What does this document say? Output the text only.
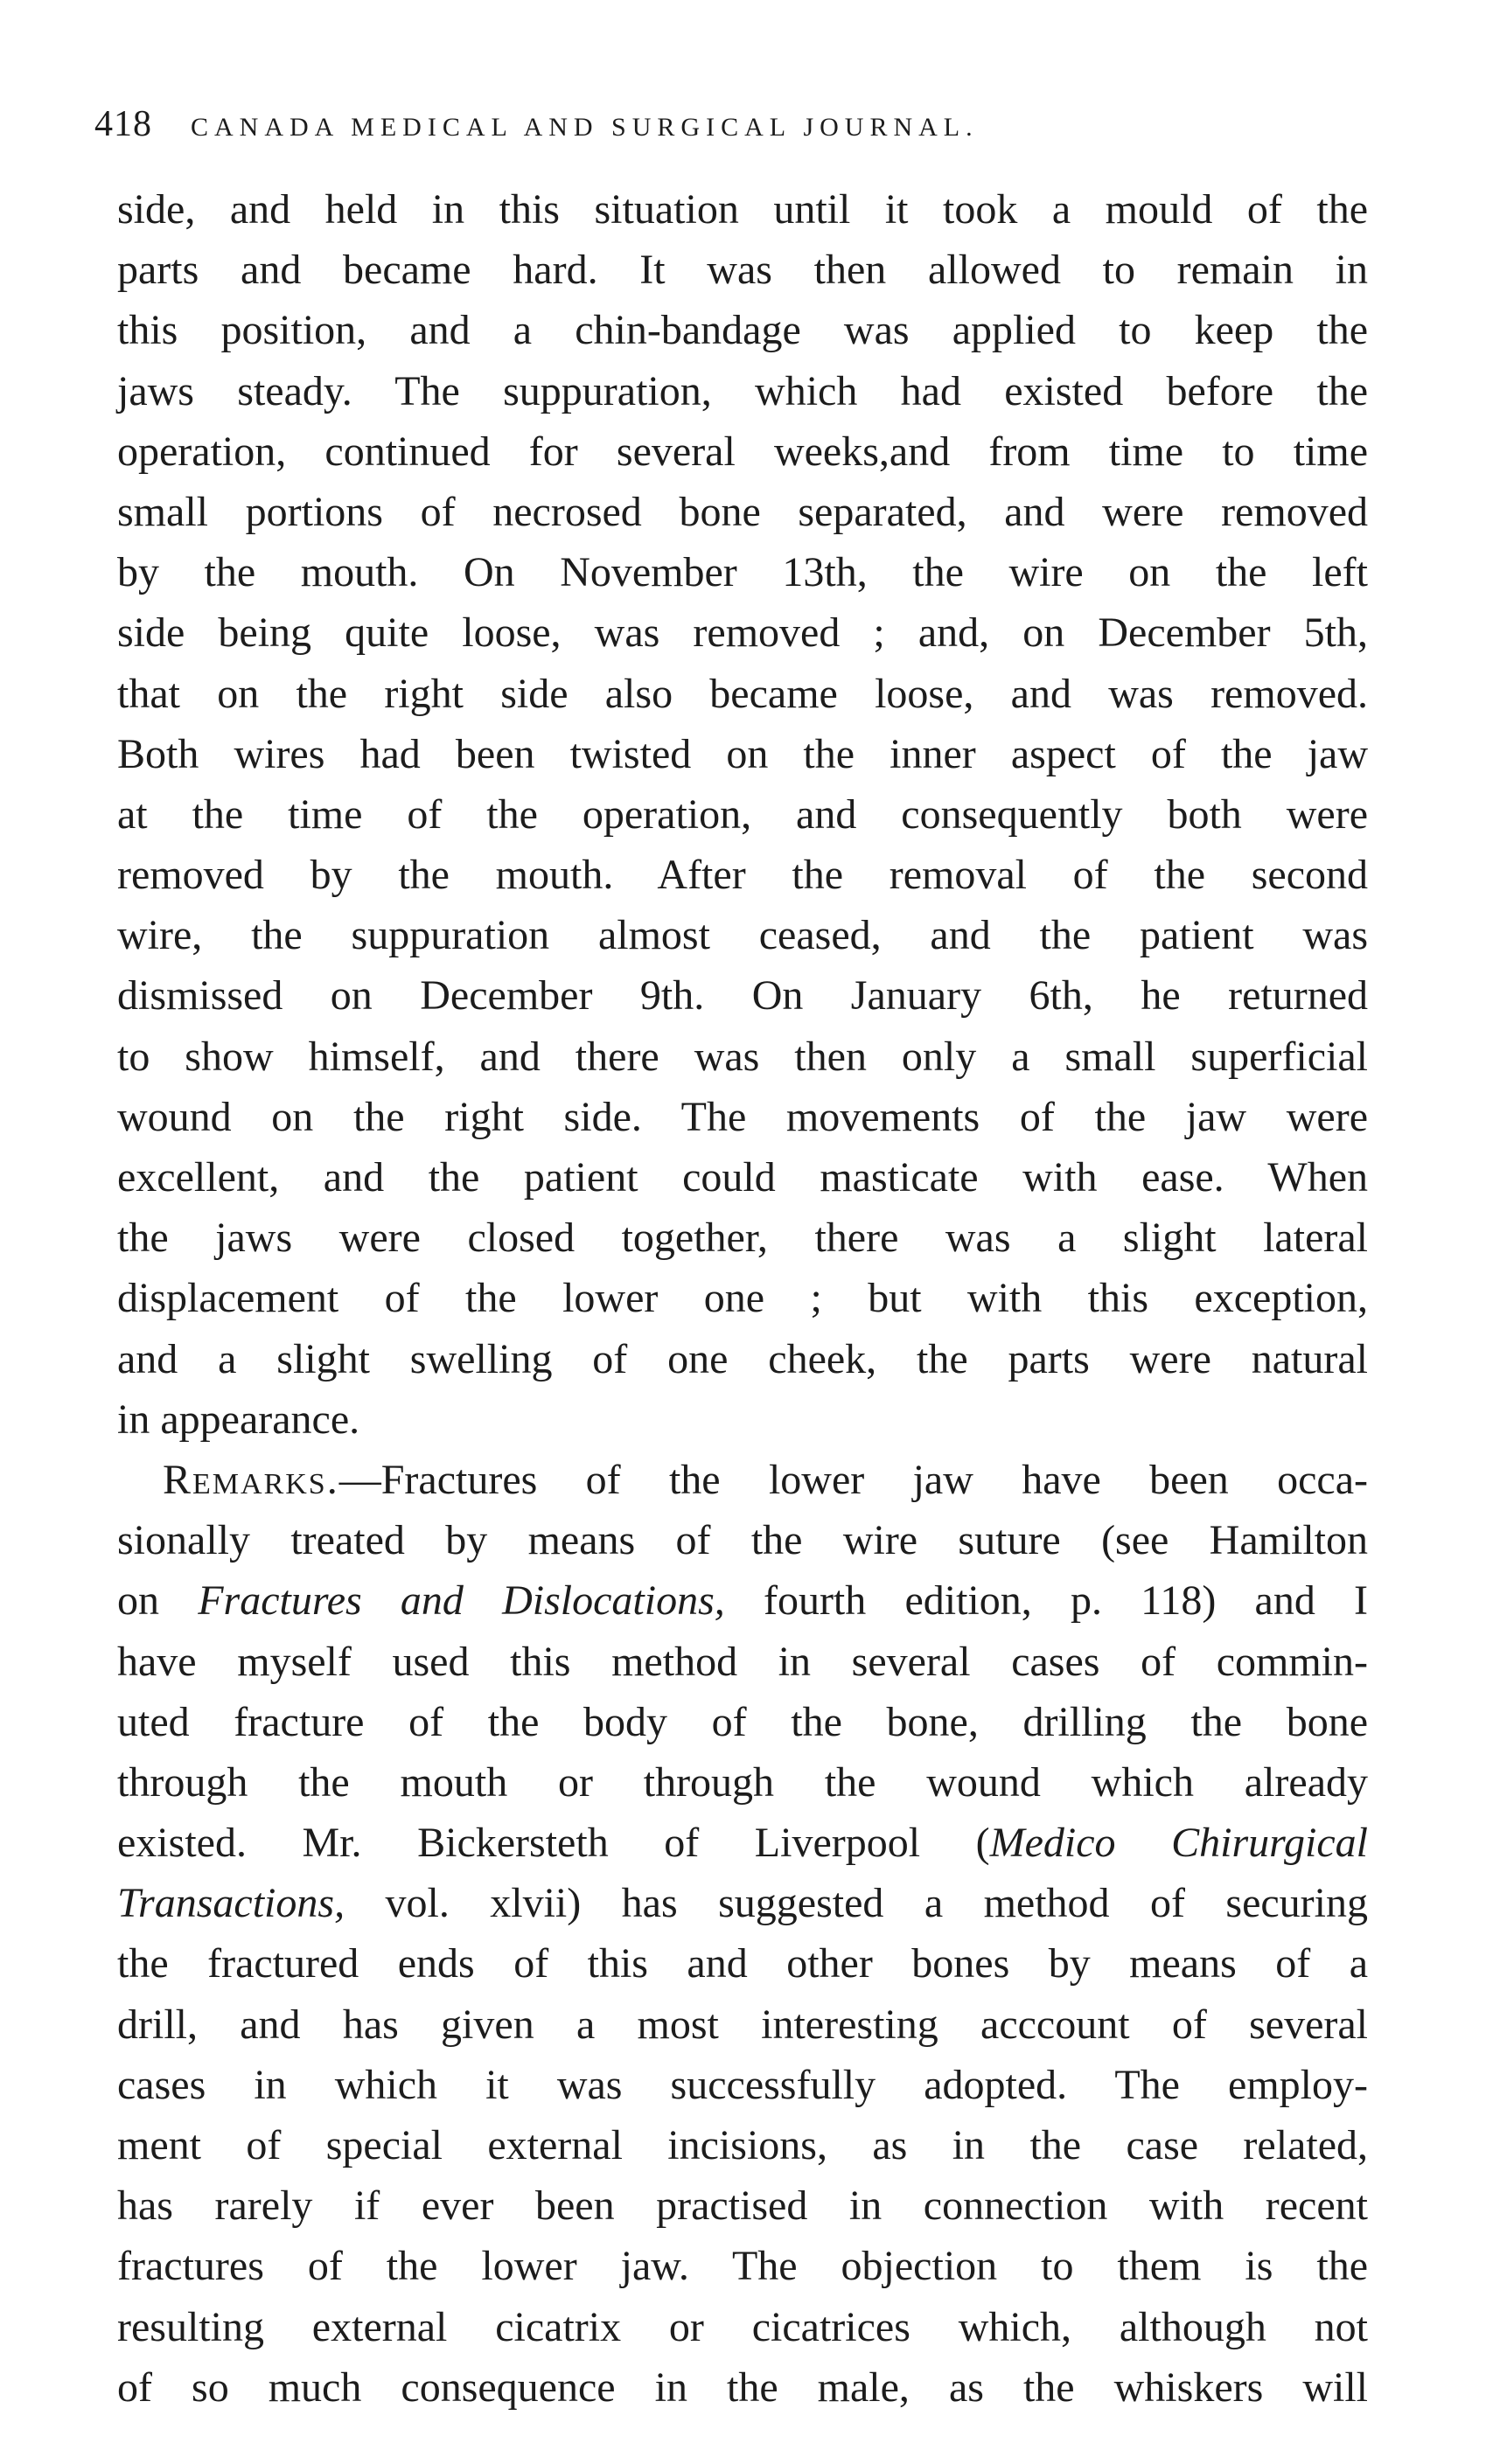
418 CANADA MEDICAL AND SURGICAL JOURNAL.
side, and held in this situation until it took a mould of the
parts and became hard. It was then allowed to remain in
this position, and a chin-bandage was applied to keep the
jaws steady. The suppuration, which had existed before the
operation, continued for several weeks,and from time to time
small portions of necrosed bone separated, and were removed
by the mouth. On November 13th, the wire on the left
side being quite loose, was removed ; and, on December 5th,
that on the right side also became loose, and was removed.
Both wires had been twisted on the inner aspect of the jaw
at the time of the operation, and consequently both were
removed by the mouth. After the removal of the second
wire, the suppuration almost ceased, and the patient was
dismissed on December 9th. On January 6th, he returned
to show himself, and there was then only a small superficial
wound on the right side. The movements of the jaw were
excellent, and the patient could masticate with ease. When
the jaws were closed together, there was a slight lateral
displacement of the lower one ; but with this exception,
and a slight swelling of one cheek, the parts were natural
in appearance.
Remarks.—Fractures of the lower jaw have been occa-
sionally treated by means of the wire suture (see Hamilton
on Fractures and Dislocations, fourth edition, p. 118) and I
have myself used this method in several cases of commin-
uted fracture of the body of the bone, drilling the bone
through the mouth or through the wound which already
existed. Mr. Bickersteth of Liverpool (Medico Chirurgical
Transactions, vol. xlvii) has suggested a method of securing
the fractured ends of this and other bones by means of a
drill, and has given a most interesting acccount of several
cases in which it was successfully adopted. The employ-
ment of special external incisions, as in the case related,
has rarely if ever been practised in connection with recent
fractures of the lower jaw. The objection to them is the
resulting external cicatrix or cicatrices which, although not
of so much consequence in the male, as the whiskers will
